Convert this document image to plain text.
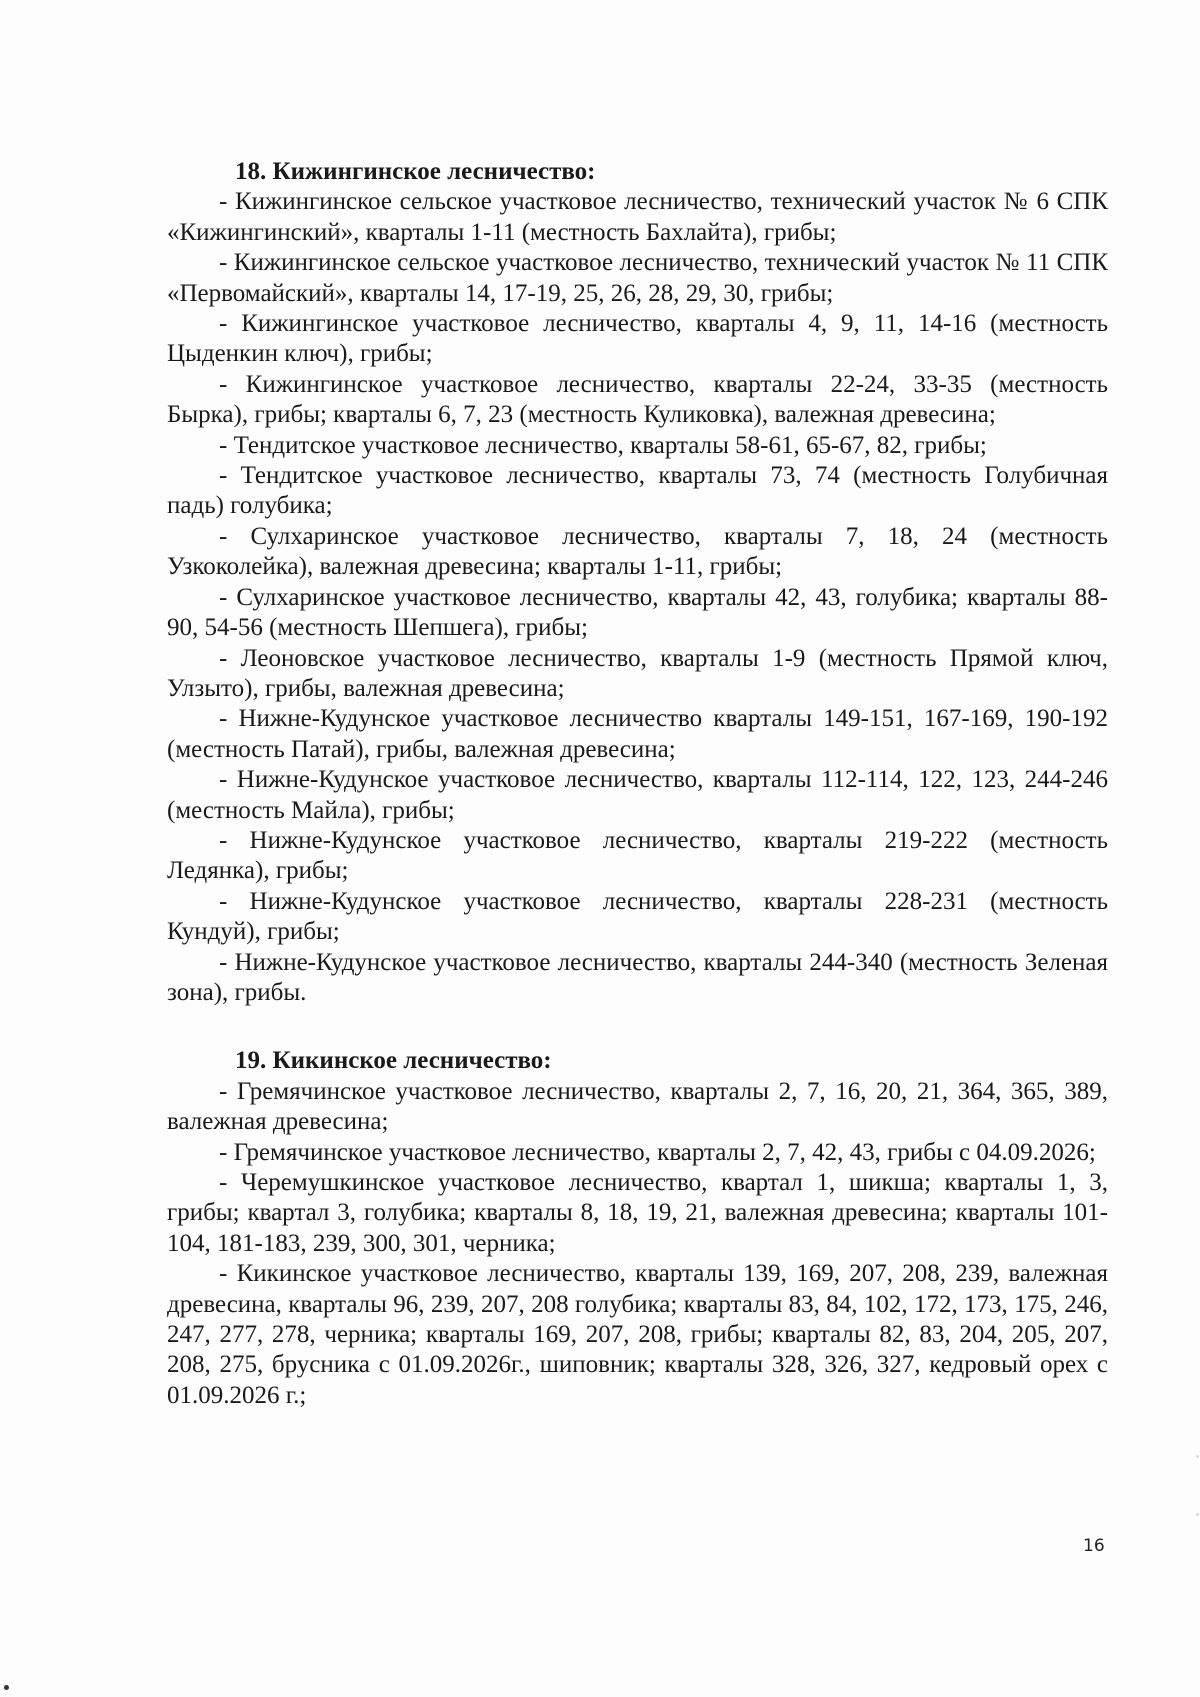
18. Кижингинское лесничество:

- Кижингинское сельское участковое лесничество, технический участок № 6 СПК «Кижингинский», кварталы 1-11 (местность Бахлайта), грибы;

- Кижингинское сельское участковое лесничество, технический участок № 11 СПК «Первомайский», кварталы 14, 17-19, 25, 26, 28, 29, 30, грибы;

- Кижингинское участковое лесничество, кварталы 4, 9, 11, 14-16 (местность Цыденкин ключ), грибы;

- Кижингинское участковое лесничество, кварталы 22-24, 33-35 (местность Бырка), грибы; кварталы 6, 7, 23 (местность Куликовка), валежная древесина;

- Тендитское участковое лесничество, кварталы 58-61, 65-67, 82, грибы;

- Тендитское участковое лесничество, кварталы 73, 74 (местность Голубичная падь) голубика;

- Сулхаринское участковое лесничество, кварталы 7, 18, 24 (местность Узкоколейка), валежная древесина; кварталы 1-11, грибы;

- Сулхаринское участковое лесничество, кварталы 42, 43, голубика; кварталы 88-90, 54-56 (местность Шепшега), грибы;

- Леоновское участковое лесничество, кварталы 1-9 (местность Прямой ключ, Улзыто), грибы, валежная древесина;

- Нижне-Кудунское участковое лесничество кварталы 149-151, 167-169, 190-192 (местность Патай), грибы, валежная древесина;

- Нижне-Кудунское участковое лесничество, кварталы 112-114, 122, 123, 244-246 (местность Майла), грибы;

- Нижне-Кудунское участковое лесничество, кварталы 219-222 (местность Ледянка), грибы;

- Нижне-Кудунское участковое лесничество, кварталы 228-231 (местность Кундуй), грибы;

- Нижне-Кудунское участковое лесничество, кварталы 244-340 (местность Зеленая зона), грибы.

19. Кикинское лесничество:

- Гремячинское участковое лесничество, кварталы 2, 7, 16, 20, 21, 364, 365, 389, валежная древесина;

- Гремячинское участковое лесничество, кварталы 2, 7, 42, 43, грибы с 04.09.2026;

- Черемушкинское участковое лесничество, квартал 1, шикша; кварталы 1, 3, грибы; квартал 3, голубика; кварталы 8, 18, 19, 21, валежная древесина; кварталы 101-104, 181-183, 239, 300, 301, черника;

- Кикинское участковое лесничество, кварталы 139, 169, 207, 208, 239, валежная древесина, кварталы 96, 239, 207, 208 голубика; кварталы 83, 84, 102, 172, 173, 175, 246, 247, 277, 278, черника; кварталы 169, 207, 208, грибы; кварталы 82, 83, 204, 205, 207, 208, 275, брусника с 01.09.2026г., шиповник; кварталы 328, 326, 327, кедровый орех с 01.09.2026 г.;

16
